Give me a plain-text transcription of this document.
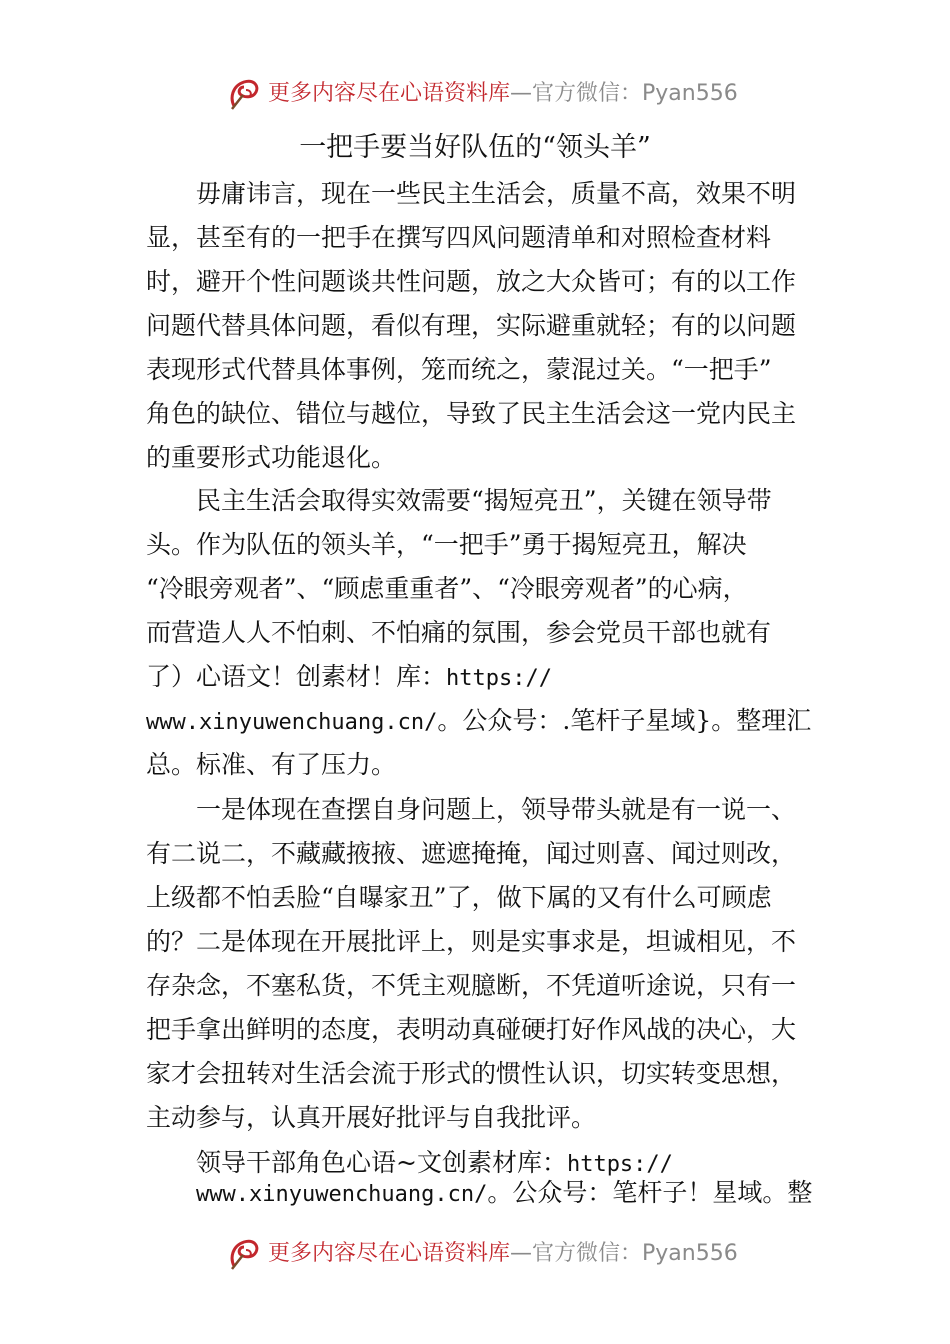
更多内容尽在心语资料库—官方微信：Pyan556
一把手要当好队伍的“领头羊”
　　毋庸讳言，现在一些民主生活会，质量不高，效果不明
显，甚至有的一把手在撰写四风问题清单和对照检查材料
时，避开个性问题谈共性问题，放之大众皆可；有的以工作
问题代替具体问题，看似有理，实际避重就轻；有的以问题
表现形式代替具体事例，笼而统之，蒙混过关。“一把手”
角色的缺位、错位与越位，导致了民主生活会这一党内民主
的重要形式功能退化。
　　民主生活会取得实效需要“揭短亮丑”，关键在领导带
头。作为队伍的领头羊，“一把手”勇于揭短亮丑，解决
“冷眼旁观者”、“顾虑重重者”、“冷眼旁观者”的心病，
而营造人人不怕刺、不怕痛的氛围，参会党员干部也就有
了）心语文！创素材！库：https://
www.xinyuwenchuang.cn/。公众号：.笔杆子星域}。整理汇
总。标准、有了压力。
　　一是体现在查摆自身问题上，领导带头就是有一说一、
有二说二，不藏藏掖掖、遮遮掩掩，闻过则喜、闻过则改，
上级都不怕丢脸“自曝家丑”了，做下属的又有什么可顾虑
的？二是体现在开展批评上，则是实事求是，坦诚相见，不
存杂念，不塞私货，不凭主观臆断，不凭道听途说，只有一
把手拿出鲜明的态度，表明动真碰硬打好作风战的决心，大
家才会扭转对生活会流于形式的惯性认识，切实转变思想，
主动参与，认真开展好批评与自我批评。
领导干部角色心语~文创素材库：https://
www.xinyuwenchuang.cn/。公众号：笔杆子！星域。整
更多内容尽在心语资料库—官方微信：Pyan556
